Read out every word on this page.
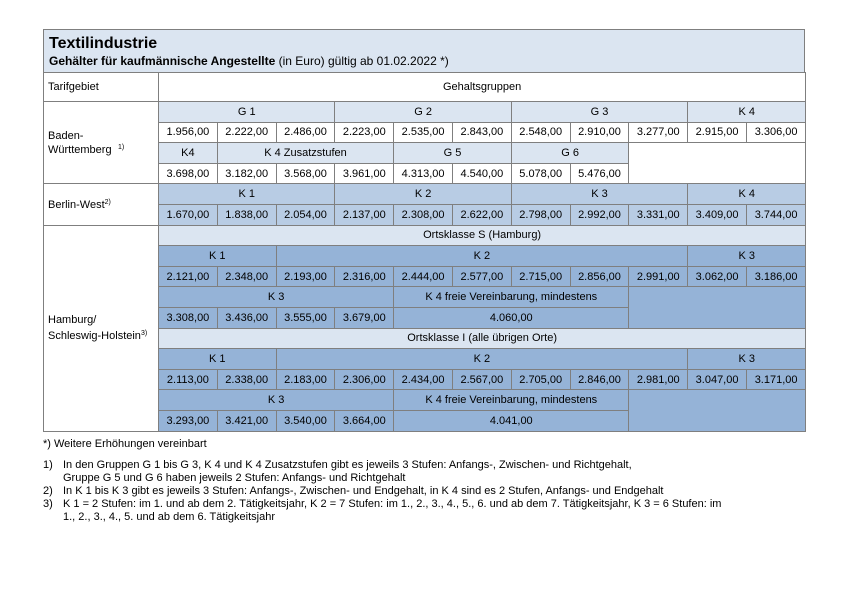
Textilindustrie
Gehälter für kaufmännische Angestellte (in Euro) gültig ab 01.02.2022 *)
Tarifgebiet	Gehaltsgruppen										
Baden-Württemberg $^{1)}$	G 1			G 2			G 3			K 4	
	1.956,00	2.222,00	2.486,00	2.223,00	2.535,00	2.843,00	2.548,00	2.910,00	3.277,00	2.915,00	3.306,00
	K4	K 4 Zusatzstufen			G 5		G 6				
	3.698,00	3.182,00	3.568,00	3.961,00	4.313,00	4.540,00	5.078,00	5.476,00			
Berlin-West$^{2)}$	K 1			K 2			K 3			K 4	
	1.670,00	1.838,00	2.054,00	2.137,00	2.308,00	2.622,00	2.798,00	2.992,00	3.331,00	3.409,00	3.744,00
Hamburg/
Schleswig-Holstein$^{3)}$	Ortsklasse S (Hamburg)										
	K 1		K 2							K 3	
	2.121,00	2.348,00	2.193,00	2.316,00	2.444,00	2.577,00	2.715,00	2.856,00	2.991,00	3.062,00	3.186,00
	K 3				K 4 freie Vereinbarung, mindestens						
	3.308,00	3.436,00	3.555,00	3.679,00	4.060,00						
	Ortsklasse I (alle übrigen Orte)										
	K 1		K 2							K 3	
	2.113,00	2.338,00	2.183,00	2.306,00	2.434,00	2.567,00	2.705,00	2.846,00	2.981,00	3.047,00	3.171,00
	K 3				K 4 freie Vereinbarung, mindestens						
	3.293,00	3.421,00	3.540,00	3.664,00	4.041,00						
*) Weitere Erhöhungen vereinbart
1) In den Gruppen G 1 bis G 3, K 4 und K 4 Zusatzstufen gibt es jeweils 3 Stufen: Anfangs-, Zwischen- und Richtgehalt,
Gruppe G 5 und G 6 haben jeweils 2 Stufen: Anfangs- und Richtgehalt
2) In K 1 bis K 3 gibt es jeweils 3 Stufen: Anfangs-, Zwischen- und Endgehalt, in K 4 sind es 2 Stufen, Anfangs- und Endgehalt
3) K 1 = 2 Stufen: im 1. und ab dem 2. Tätigkeitsjahr, K 2 = 7 Stufen: im 1., 2., 3., 4., 5., 6. und ab dem 7. Tätigkeitsjahr, K 3 = 6 Stufen: im
1., 2., 3., 4., 5. und ab dem 6. Tätigkeitsjahr
